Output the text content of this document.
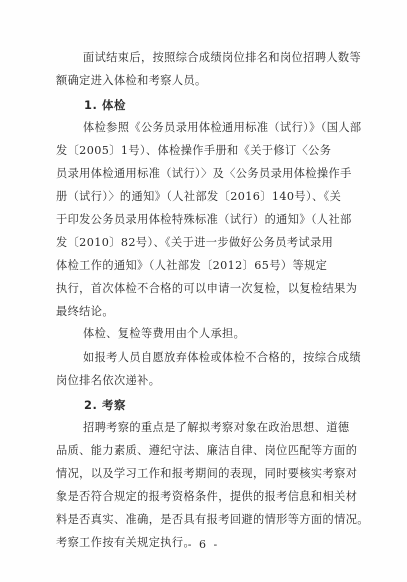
面试结束后，按照综合成绩岗位排名和岗位招聘人数等
额确定进入体检和考察人员。
1. 体检
体检参照《公务员录用体检通用标准（试行）》（国人部
发〔2005〕1号）、体检操作手册和《关于修订〈公务
员录用体检通用标准（试行）〉及〈公务员录用体检操作手
册（试行）〉的通知》（人社部发〔2016〕140号）、《关
于印发公务员录用体检特殊标准（试行）的通知》（人社部
发〔2010〕82号）、《关于进一步做好公务员考试录用
体检工作的通知》（人社部发〔2012〕65号）等规定
执行，首次体检不合格的可以申请一次复检，以复检结果为
最终结论。
体检、复检等费用由个人承担。
如报考人员自愿放弃体检或体检不合格的，按综合成绩
岗位排名依次递补。
2. 考察
招聘考察的重点是了解拟考察对象在政治思想、道德
品质、能力素质、遵纪守法、廉洁自律、岗位匹配等方面的
情况，以及学习工作和报考期间的表现，同时要核实考察对
象是否符合规定的报考资格条件，提供的报考信息和相关材
料是否真实、准确，是否具有报考回避的情形等方面的情况。
考察工作按有关规定执行。
- 6 -
